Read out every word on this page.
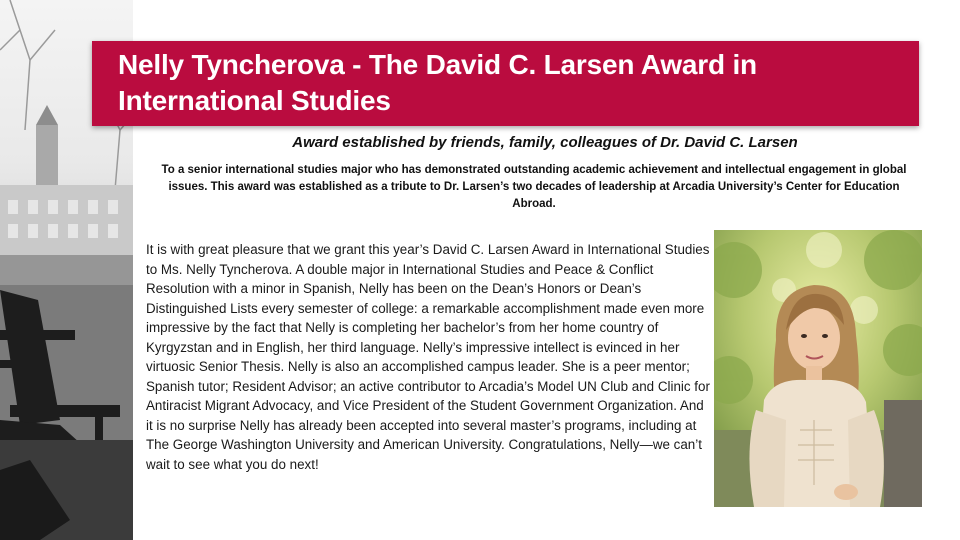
Nelly Tyncherova - The David C. Larsen Award in International Studies
Award established by friends, family, colleagues of Dr. David C. Larsen
To a senior international studies major who has demonstrated outstanding academic achievement and intellectual engagement in global issues. This award was established as a tribute to Dr. Larsen’s two decades of leadership at Arcadia University’s Center for Education Abroad.
It is with great pleasure that we grant this year’s David C. Larsen Award in International Studies to Ms. Nelly Tyncherova. A double major in International Studies and Peace & Conflict Resolution with a minor in Spanish, Nelly has been on the Dean’s Honors or Dean’s Distinguished Lists every semester of college: a remarkable accomplishment made even more impressive by the fact that Nelly is completing her bachelor’s from her home country of Kyrgyzstan and in English, her third language. Nelly’s impressive intellect is evinced in her virtuosic Senior Thesis. Nelly is also an accomplished campus leader. She is a peer mentor; Spanish tutor; Resident Advisor; an active contributor to Arcadia’s Model UN Club and Clinic for Antiracist Migrant Advocacy, and Vice President of the Student Government Organization. And it is no surprise Nelly has already been accepted into several master’s programs, including at The George Washington University and American University. Congratulations, Nelly—we can’t wait to see what you do next!
